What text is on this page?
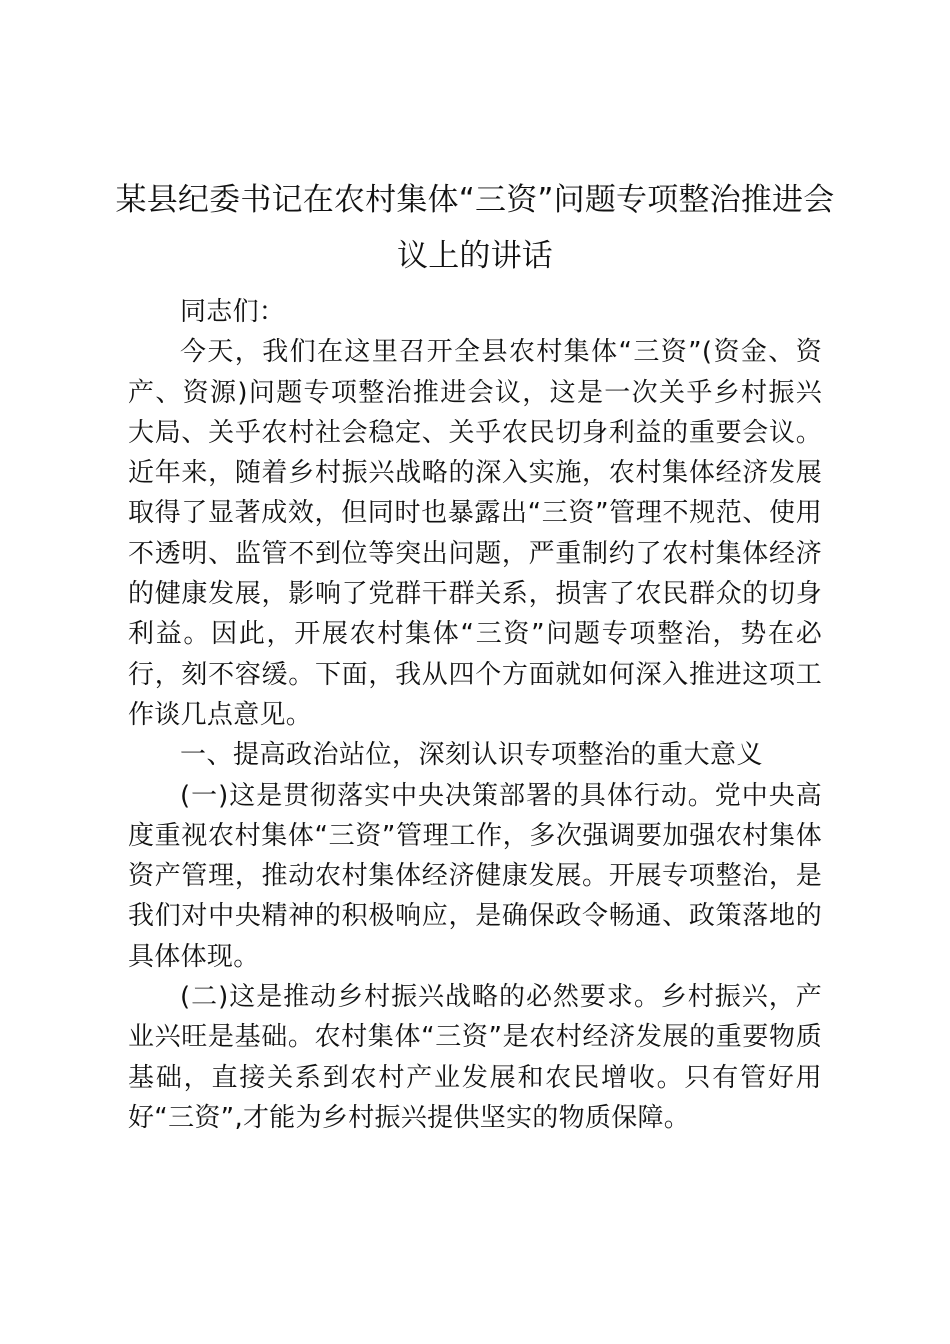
某县纪委书记在农村集体“三资”问题专项整治推进会议上的讲话

同志们：

今天，我们在这里召开全县农村集体“三资”(资金、资产、资源)问题专项整治推进会议，这是一次关乎乡村振兴大局、关乎农村社会稳定、关乎农民切身利益的重要会议。近年来，随着乡村振兴战略的深入实施，农村集体经济发展取得了显著成效，但同时也暴露出“三资”管理不规范、使用不透明、监管不到位等突出问题，严重制约了农村集体经济的健康发展，影响了党群干群关系，损害了农民群众的切身利益。因此，开展农村集体“三资”问题专项整治，势在必行，刻不容缓。下面，我从四个方面就如何深入推进这项工作谈几点意见。

一、提高政治站位，深刻认识专项整治的重大意义

(一)这是贯彻落实中央决策部署的具体行动。党中央高度重视农村集体“三资”管理工作，多次强调要加强农村集体资产管理，推动农村集体经济健康发展。开展专项整治，是我们对中央精神的积极响应，是确保政令畅通、政策落地的具体体现。

(二)这是推动乡村振兴战略的必然要求。乡村振兴，产业兴旺是基础。农村集体“三资”是农村经济发展的重要物质基础，直接关系到农村产业发展和农民增收。只有管好用好“三资”,才能为乡村振兴提供坚实的物质保障。
